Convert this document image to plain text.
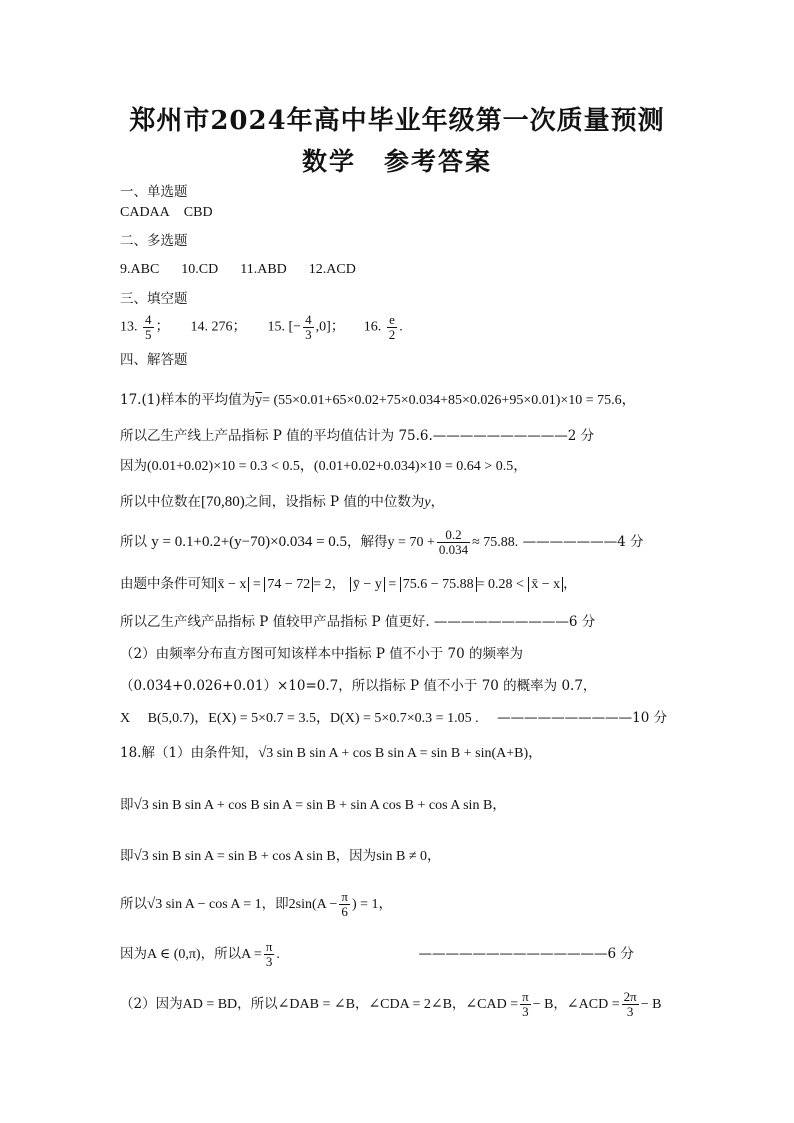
郑州市2024年高中毕业年级第一次质量预测
数学 参考答案
一、单选题
CADAA CBD
二、多选题
9.ABC 10.CD 11.ABD 12.ACD
三、填空题
13. $\frac{4}{5}$ ； 14. 276； 15. [− $\frac{4}{3} ,0$]； 16. $\frac{e}{2}$ .
四、解答题
17.(1)样本的平均值为$\overline{y}= (55\times 0.01+65\times 0.02+75\times 0.034+85\times 0.026+95\times 0.01)\times 10 = 75.6$，
所以乙生产线上产品指标 P 值的平均值估计为 75.6.——————————2 分
因为(0.01+0.02)×10 = 0.3 < 0.5，(0.01+0.02+0.034)×10 = 0.64 > 0.5，
所以中位数在[70,80)之间，设指标 P 值的中位数为y，
所以 y = 0.1+0.2+(y−70)×0.034 = 0.5，解得$y = 70 + \frac{0.2}{0.034} \approx 75.88$. ———————4 分
由题中条件可知 x̄ − x = 74 − 72 = 2， ȳ − y = 75.6 − 75.88 = 0.28 < x̄ − x ，
所以乙生产线产品指标 P 值较甲产品指标 P 值更好. ——————————6 分
（2）由频率分布直方图可知该样本中指标 P 值不小于 70 的频率为
（0.034+0.026+0.01）×10=0.7，所以指标 P 值不小于 70 的概率为 0.7，
X     B(5,0.7)，E(X) = 5×0.7 = 3.5，D(X) = 5×0.7×0.3 = 1.05 . ——————————10 分
18.解（1）由条件知，√3 sin B sin A + cos B sin A = sin B + sin(A+B)，
即√3 sin B sin A + cos B sin A = sin B + sin A cos B + cos A sin B，
即√3 sin B sin A = sin B + cos A sin B，因为sin B ≠ 0，
所以√3 sin A − cos A = 1，即$2\sin(A - \frac{\pi}{6}$ ) = 1，
因为A ∈ (0,π)，所以$A = \frac{\pi}{3}$ .	——————————————6 分
（2）因为AD = BD，所以∠DAB = ∠B，∠CDA = 2∠B，∠CAD = $\frac{\pi}{3} - B$，∠ACD = $\frac{2\pi}{3} - B$
